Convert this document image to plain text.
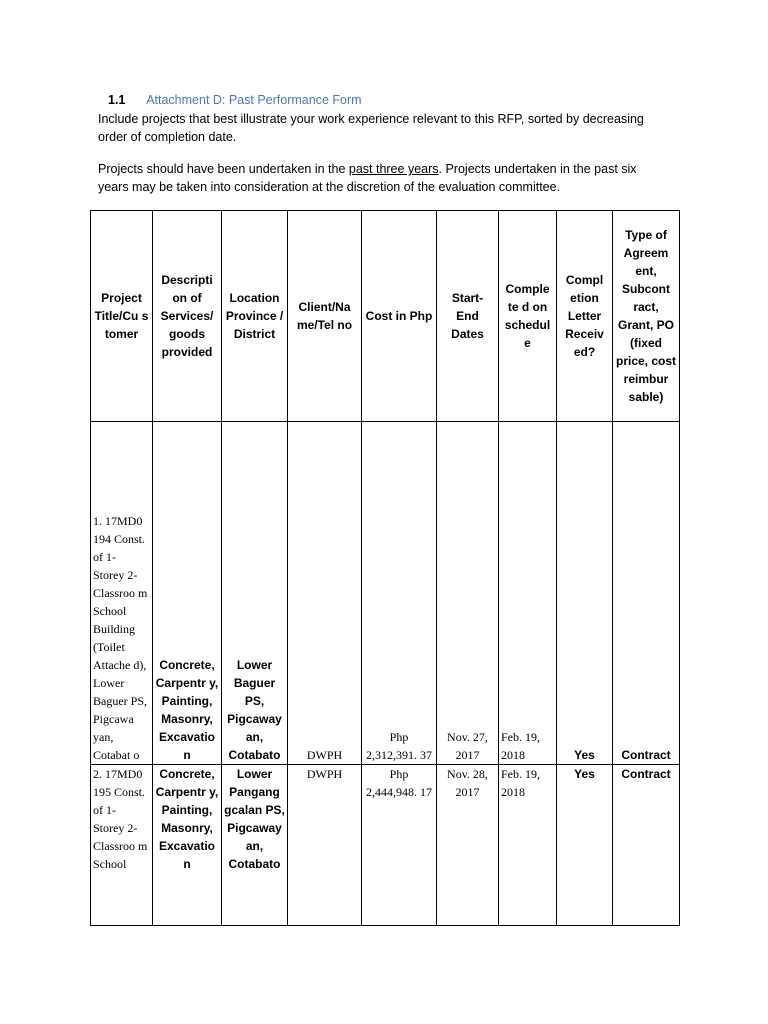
1.1 Attachment D: Past Performance Form
Include projects that best illustrate your work experience relevant to this RFP, sorted by decreasing order of completion date.
Projects should have been undertaken in the past three years. Projects undertaken in the past six years may be taken into consideration at the discretion of the evaluation committee.
Project Title/Cu s tomer	Descripti on of Services/ goods provided	Location Province / District	Client/Na me/Tel no	Cost in Php	Start- End Dates	Comple te d on schedul e	Compl etion Letter Receiv ed?	Type of Agreem ent, Subcont ract, Grant, PO (fixed price, cost reimbur sable)
1. 17MD0 194 Const. of 1- Storey 2- Classroo m School Building (Toilet Attache d), Lower Baguer PS, Pigcawa yan, Cotabat o	Concrete, Carpentr y, Painting, Masonry, Excavatio n	Lower Baguer PS, Pigcaway an, Cotabato	DWPH	Php 2,312,391. 37	Nov. 27, 2017	Feb. 19, 2018	Yes	Contract
2. 17MD0 195 Const. of 1- Storey 2- Classroo m School	Concrete, Carpentr y, Painting, Masonry, Excavatio n	Lower Pangang gcalan PS, Pigcaway an, Cotabato	DWPH	Php 2,444,948. 17	Nov. 28, 2017	Feb. 19, 2018	Yes	Contract
